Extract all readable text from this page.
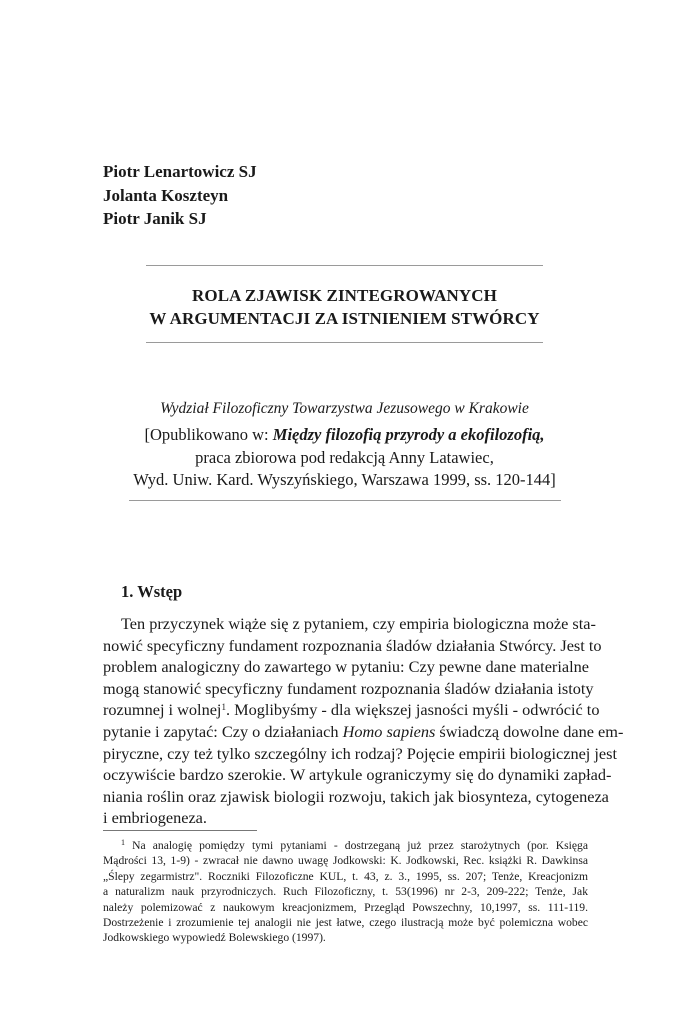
Piotr Lenartowicz SJ
Jolanta Koszteyn
Piotr Janik SJ
ROLA ZJAWISK ZINTEGROWANYCH
W ARGUMENTACJI ZA ISTNIENIEM STWÓRCY
Wydział Filozoficzny Towarzystwa Jezusowego w Krakowie
[Opublikowano w: Między filozofią przyrody a ekofilozofią,
praca zbiorowa pod redakcją Anny Latawiec,
Wyd. Uniw. Kard. Wyszyńskiego, Warszawa 1999, ss. 120-144]
1. Wstęp
Ten przyczynek wiąże się z pytaniem, czy empiria biologiczna może sta-
nowić specyficzny fundament rozpoznania śladów działania Stwórcy. Jest to
problem analogiczny do zawartego w pytaniu: Czy pewne dane materialne
mogą stanowić specyficzny fundament rozpoznania śladów działania istoty
rozumnej i wolnej$^1$. Moglibyśmy - dla większej jasności myśli - odwrócić to
pytanie i zapytać: Czy o działaniach Homo sapiens świadczą dowolne dane em-
piryczne, czy też tylko szczególny ich rodzaj? Pojęcie empirii biologicznej jest
oczywiście bardzo szerokie. W artykule ograniczymy się do dynamiki zapład-
niania roślin oraz zjawisk biologii rozwoju, takich jak biosynteza, cytogeneza
i embriogeneza.
$^1$ Na analogię pomiędzy tymi pytaniami - dostrzeganą już przez starożytnych (por. Księga
Mądrości 13, 1-9) - zwracał nie dawno uwagę Jodkowski: K. Jodkowski, Rec. książki R. Dawkinsa
„Ślepy zegarmistrz". Roczniki Filozoficzne KUL, t. 43, z. 3., 1995, ss. 207; Tenże, Kreacjonizm
a naturalizm nauk przyrodniczych. Ruch Filozoficzny, t. 53(1996) nr 2-3, 209-222; Tenże, Jak
należy polemizować z naukowym kreacjonizmem, Przegląd Powszechny, 10,1997, ss. 111-119.
Dostrzeżenie i zrozumienie tej analogii nie jest łatwe, czego ilustracją może być polemiczna wobec
Jodkowskiego wypowiedź Bolewskiego (1997).
